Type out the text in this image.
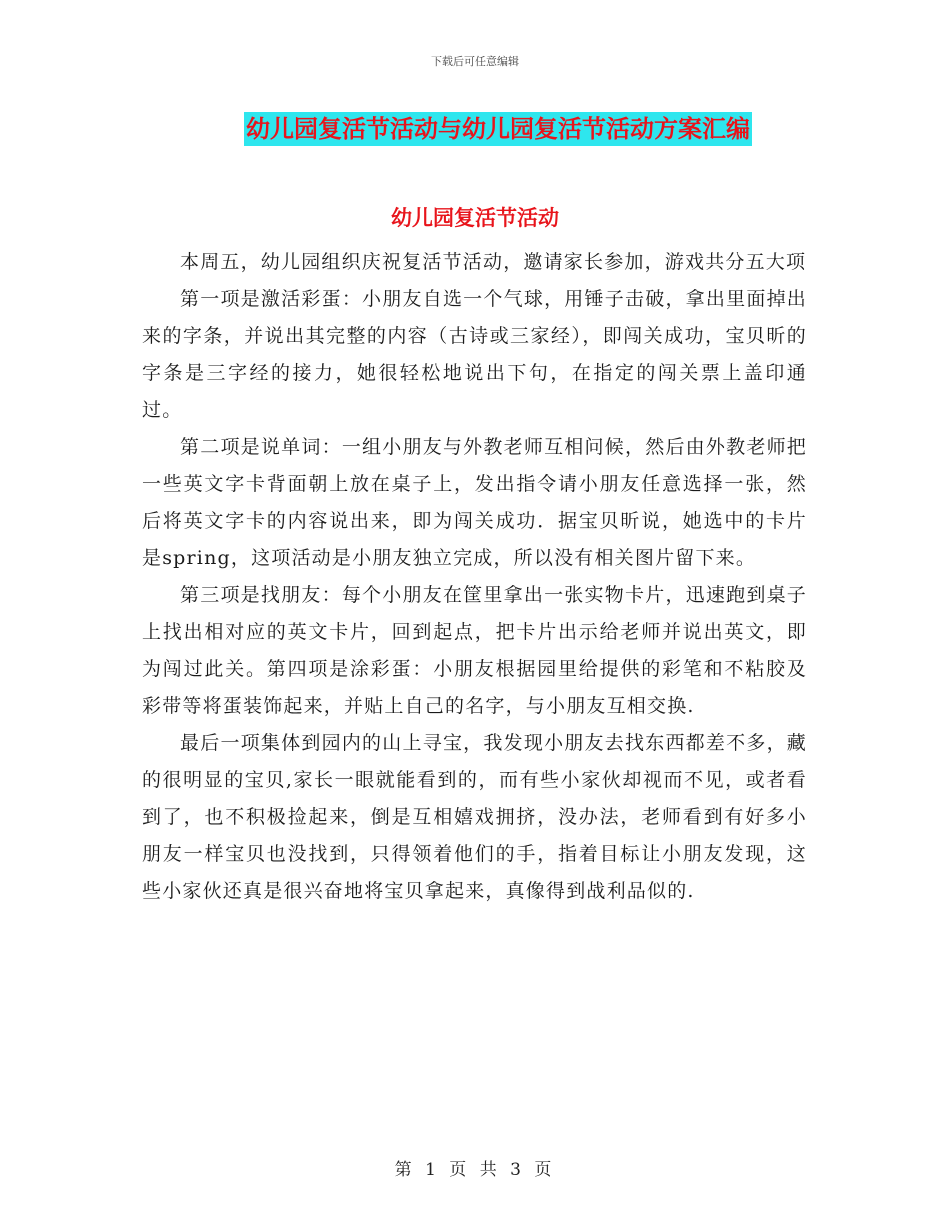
下载后可任意编辑
幼儿园复活节活动与幼儿园复活节活动方案汇编
幼儿园复活节活动

本周五，幼儿园组织庆祝复活节活动，邀请家长参加，游戏共分五大项

第一项是激活彩蛋：小朋友自选一个气球，用锤子击破，拿出里面掉出来的字条，并说出其完整的内容（古诗或三家经），即闯关成功，宝贝昕的字条是三字经的接力，她很轻松地说出下句，在指定的闯关票上盖印通过。

第二项是说单词：一组小朋友与外教老师互相问候，然后由外教老师把一些英文字卡背面朝上放在桌子上，发出指令请小朋友任意选择一张，然后将英文字卡的内容说出来，即为闯关成功．据宝贝昕说，她选中的卡片是spring，这项活动是小朋友独立完成，所以没有相关图片留下来。

第三项是找朋友：每个小朋友在筐里拿出一张实物卡片，迅速跑到桌子上找出相对应的英文卡片，回到起点，把卡片出示给老师并说出英文，即为闯过此关。第四项是涂彩蛋：小朋友根据园里给提供的彩笔和不粘胶及彩带等将蛋装饰起来，并贴上自己的名字，与小朋友互相交换.

最后一项集体到园内的山上寻宝，我发现小朋友去找东西都差不多，藏的很明显的宝贝,家长一眼就能看到的，而有些小家伙却视而不见，或者看到了，也不积极捡起来，倒是互相嬉戏拥挤，没办法，老师看到有好多小朋友一样宝贝也没找到，只得领着他们的手，指着目标让小朋友发现，这些小家伙还真是很兴奋地将宝贝拿起来，真像得到战利品似的.

第 1 页 共 3 页
